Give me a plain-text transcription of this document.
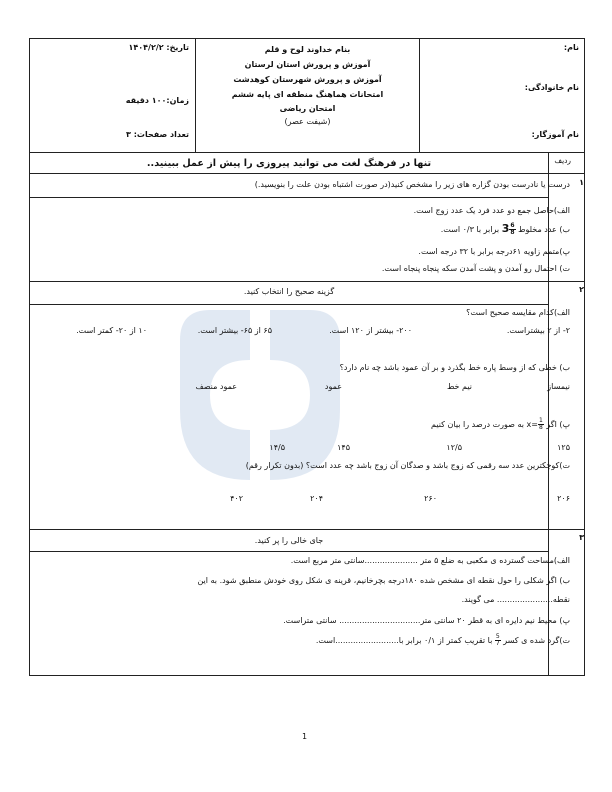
نام:
نام خانوادگی:
نام آموزگار:
بنام خداوند لوح و قلم
آموزش و پرورش استان لرستان
آموزش و پرورش شهرستان کوهدشت
امتحانات هماهنگ منطقه ای پایه ششم
امتحان ریاضی
(شیفت عصر)
تاریخ: ۱۴۰۴/۲/۲
زمان:۱۰۰ دقیقه
تعداد صفحات: ۳
ردیف
تنها در فرهنگ لغت می توانید پیروزی را پیش از عمل ببینید..
۱
درست یا نادرست بودن گزاره های زیر را مشخص کنید(در صورت اشتباه بودن علت را بنویسید.)
الف)حاصل جمع دو عدد فرد یک عدد زوج است.
ب) عدد مخلوط $3 \frac{6}{8}$
برابر با ۰/۳ است.
پ)متمم زاویه ۶۱درجه برابر با ۳۲ درجه است.
ت) احتمال رو آمدن و پشت آمدن سکه پنجاه پنجاه است.
۲
گزینه صحیح را انتخاب کنید.
الف)کدام مقایسه صحیح است؟
۲- از ۲ بیشتراست.
۲۰۰- بیشتر از ۱۲۰ است.
۶۵ از ۶۵- بیشتر است.
۱۰ از ۲۰- کمتر است.
ب) خطی که از وسط پاره خط بگذرد و بر آن عمود باشد چه نام دارد؟
نیمساز
نیم خط
عمود
عمود منصف
پ) اگر $x= \frac{1}{8}$
به صورت درصد را بیان کنیم
۱۲۵
۱۲/۵
۱۴۵
۱۴/۵
ت)کوچکترین عدد سه رقمی که زوج باشد و صدگان آن زوج باشد چه عدد است؟ (بدون تکرار رقم)
۲۰۶
۲۶۰
۲۰۴
۴۰۲
۳
جای خالی را پر کنید.
الف)مساحت گسترده ی مکعبی به ضلع ۵ متر .....................سانتی متر مربع است.
ب) اگر شکلی را حول نقطه ای مشخص شده ۱۸۰درجه بچرخانیم، قرینه ی شکل روی خودش منطبق شود. به این
نقطه...................... می گویند.
پ) محیط نیم دایره ای به قطر ۲۰ سانتی متر................................ سانتی متراست.
ت)گرد شده ی کسر
$\frac{5}{7}$
با تقریب کمتر از ۰/۱ برابر با.........................است.
1
